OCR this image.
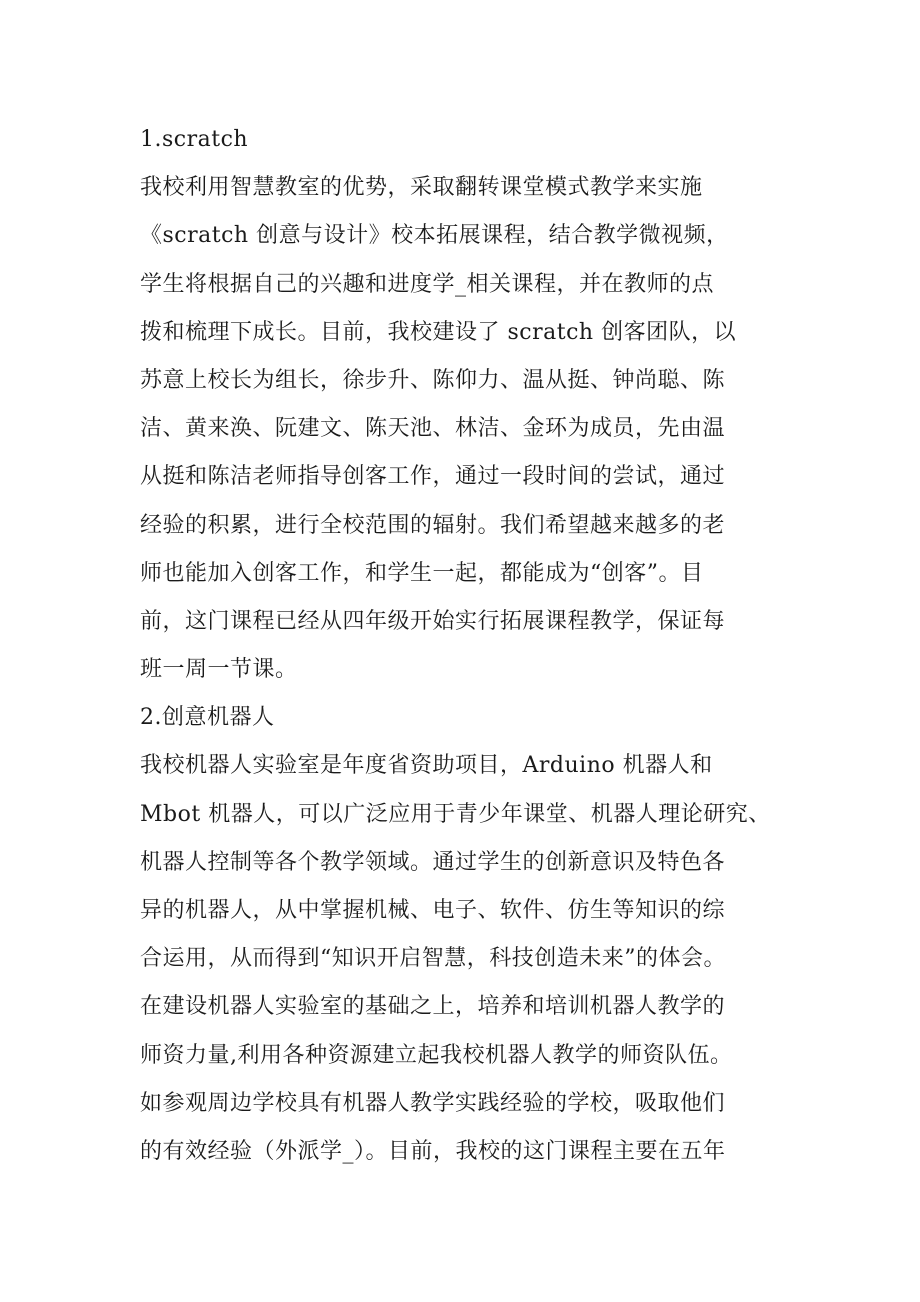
1.scratch
我校利用智慧教室的优势，采取翻转课堂模式教学来实施
《scratch 创意与设计》校本拓展课程，结合教学微视频，
学生将根据自己的兴趣和进度学_相关课程，并在教师的点
拨和梳理下成长。目前，我校建设了 scratch 创客团队，以
苏意上校长为组长，徐步升、陈仰力、温从挺、钟尚聪、陈
洁、黄来涣、阮建文、陈天池、林洁、金环为成员，先由温
从挺和陈洁老师指导创客工作，通过一段时间的尝试，通过
经验的积累，进行全校范围的辐射。我们希望越来越多的老
师也能加入创客工作，和学生一起，都能成为“创客”。目
前，这门课程已经从四年级开始实行拓展课程教学，保证每
班一周一节课。
2.创意机器人
我校机器人实验室是年度省资助项目，Arduino 机器人和
Mbot 机器人，可以广泛应用于青少年课堂、机器人理论研究、
机器人控制等各个教学领域。通过学生的创新意识及特色各
异的机器人，从中掌握机械、电子、软件、仿生等知识的综
合运用，从而得到“知识开启智慧，科技创造未来”的体会。
在建设机器人实验室的基础之上，培养和培训机器人教学的
师资力量,利用各种资源建立起我校机器人教学的师资队伍。
如参观周边学校具有机器人教学实践经验的学校，吸取他们
的有效经验（外派学_）。目前，我校的这门课程主要在五年
